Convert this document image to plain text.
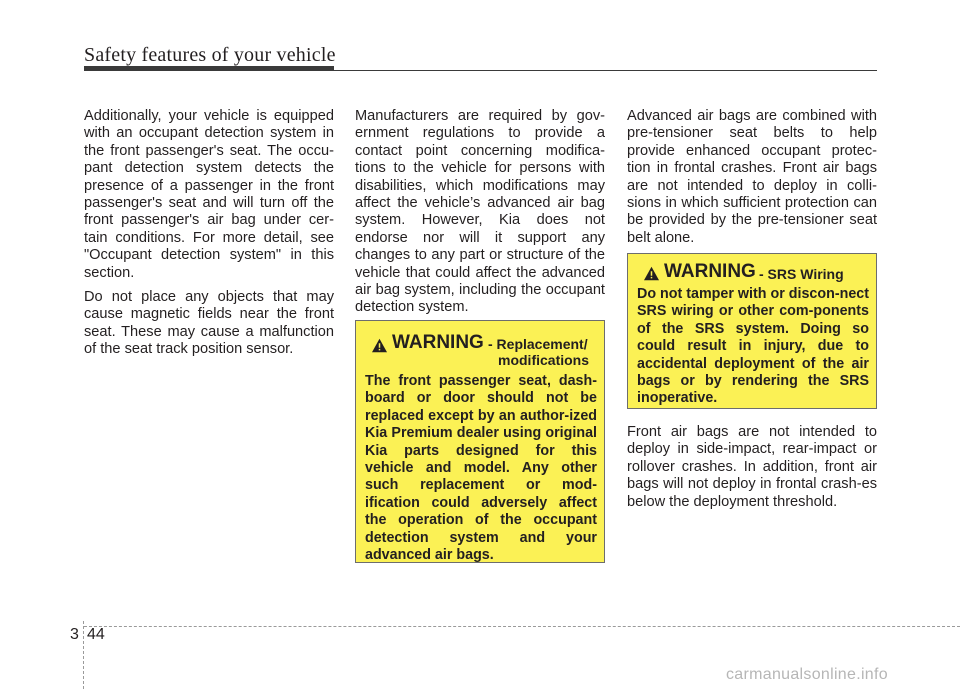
Safety features of your vehicle

Additionally, your vehicle is equipped with an occupant detection system in the front passenger's seat. The occu-pant detection system detects the presence of a passenger in the front passenger's seat and will turn off the front passenger's air bag under cer-tain conditions. For more detail, see "Occupant detection system" in this section.

Do not place any objects that may cause magnetic fields near the front seat. These may cause a malfunction of the seat track position sensor.

Manufacturers are required by gov-ernment regulations to provide a contact point concerning modifica-tions to the vehicle for persons with disabilities, which modifications may affect the vehicle’s advanced air bag system. However, Kia does not endorse nor will it support any changes to any part or structure of the vehicle that could affect the advanced air bag system, including the occupant detection system.

WARNING - Replacement/
modifications
The front passenger seat, dash-board or door should not be replaced except by an author-ized Kia Premium dealer using original Kia parts designed for this vehicle and model. Any other such replacement or mod-ification could adversely affect the operation of the occupant detection system and your advanced air bags.

Advanced air bags are combined with pre-tensioner seat belts to help provide enhanced occupant protec-tion in frontal crashes. Front air bags are not intended to deploy in colli-sions in which sufficient protection can be provided by the pre-tensioner seat belt alone.

WARNING - SRS Wiring
Do not tamper with or discon-nect SRS wiring or other com-ponents of the SRS system. Doing so could result in injury, due to accidental deployment of the air bags or by rendering the SRS inoperative.

Front air bags are not intended to deploy in side-impact, rear-impact or rollover crashes. In addition, front air bags will not deploy in frontal crash-es below the deployment threshold.

3 44
carmanualsonline.info
